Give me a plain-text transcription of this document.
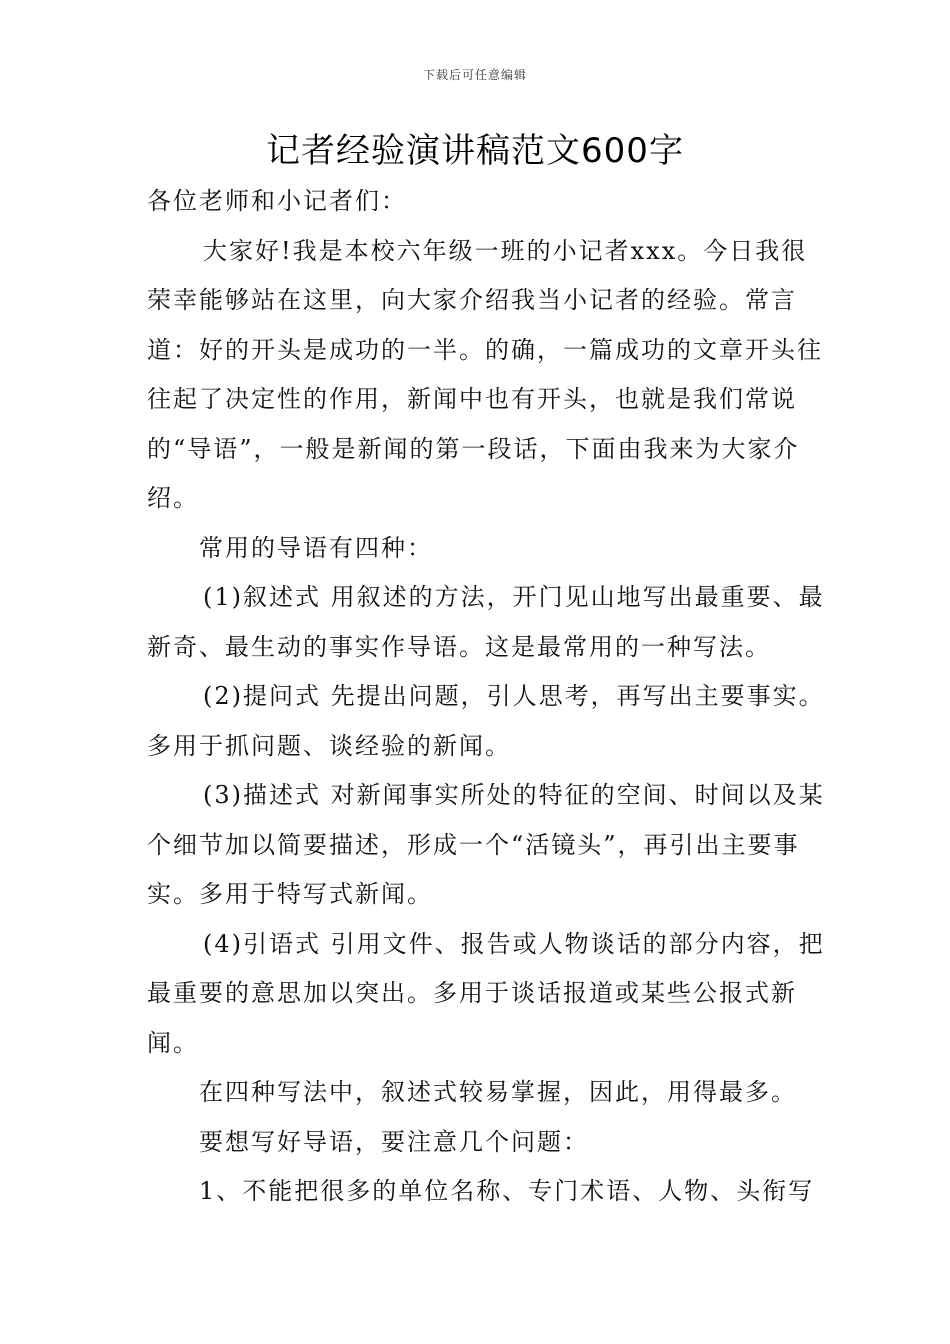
下载后可任意编辑
记者经验演讲稿范文600字

各位老师和小记者们：

大家好!我是本校六年级一班的小记者xxx。今日我很荣幸能够站在这里，向大家介绍我当小记者的经验。常言道：好的开头是成功的一半。的确，一篇成功的文章开头往往起了决定性的作用，新闻中也有开头，也就是我们常说的“导语”，一般是新闻的第一段话，下面由我来为大家介绍。

常用的导语有四种：

(1)叙述式 用叙述的方法，开门见山地写出最重要、最新奇、最生动的事实作导语。这是最常用的一种写法。

(2)提问式 先提出问题，引人思考，再写出主要事实。多用于抓问题、谈经验的新闻。

(3)描述式 对新闻事实所处的特征的空间、时间以及某个细节加以简要描述，形成一个“活镜头”，再引出主要事实。多用于特写式新闻。

(4)引语式 引用文件、报告或人物谈话的部分内容，把最重要的意思加以突出。多用于谈话报道或某些公报式新闻。

在四种写法中，叙述式较易掌握，因此，用得最多。

要想写好导语，要注意几个问题：

1、不能把很多的单位名称、专门术语、人物、头衔写
